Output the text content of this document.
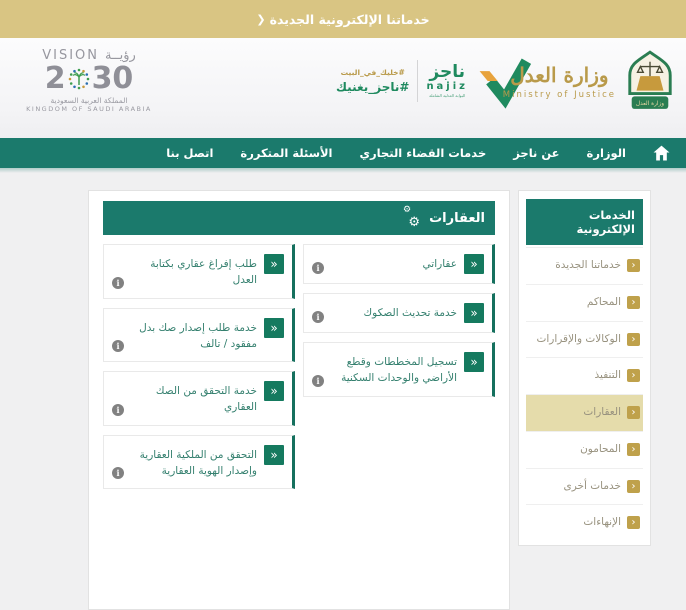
خدماتنا الإلكترونية الجديدة
❮
VISION رؤيــة
2 30
المملكة العربية السعودية
KINGDOM OF SAUDI ARABIA
#خليك_في_البيت
#ناجز_يغنيك
ناجز
najiz
البوابة العدلية الشاملة
وزارة العدل
Ministry of Justice
وزارة العدل
الوزارة
عن ناجز
خدمات القضاء التجاري
الأسئلة المتكررة
اتصل بنا
الخدمات الإلكترونية
‹
خدماتنا الجديدة
‹
المحاكم
‹
الوكالات والإقرارات
‹
التنفيذ
‹
العقارات
‹
المحامون
‹
خدمات أخرى
‹
الإنهاءات
العقارات
⚙
⚙
«
عقاراتي
i
«
خدمة تحديث الصكوك
i
«
تسجيل المخططات وقطع الأراضي والوحدات السكنية
i
«
طلب إفراغ عقاري بكتابة العدل
i
«
خدمة طلب إصدار صك بدل مفقود / تالف
i
«
خدمة التحقق من الصك العقاري
i
«
التحقق من الملكية العقارية وإصدار الهوية العقارية
i
